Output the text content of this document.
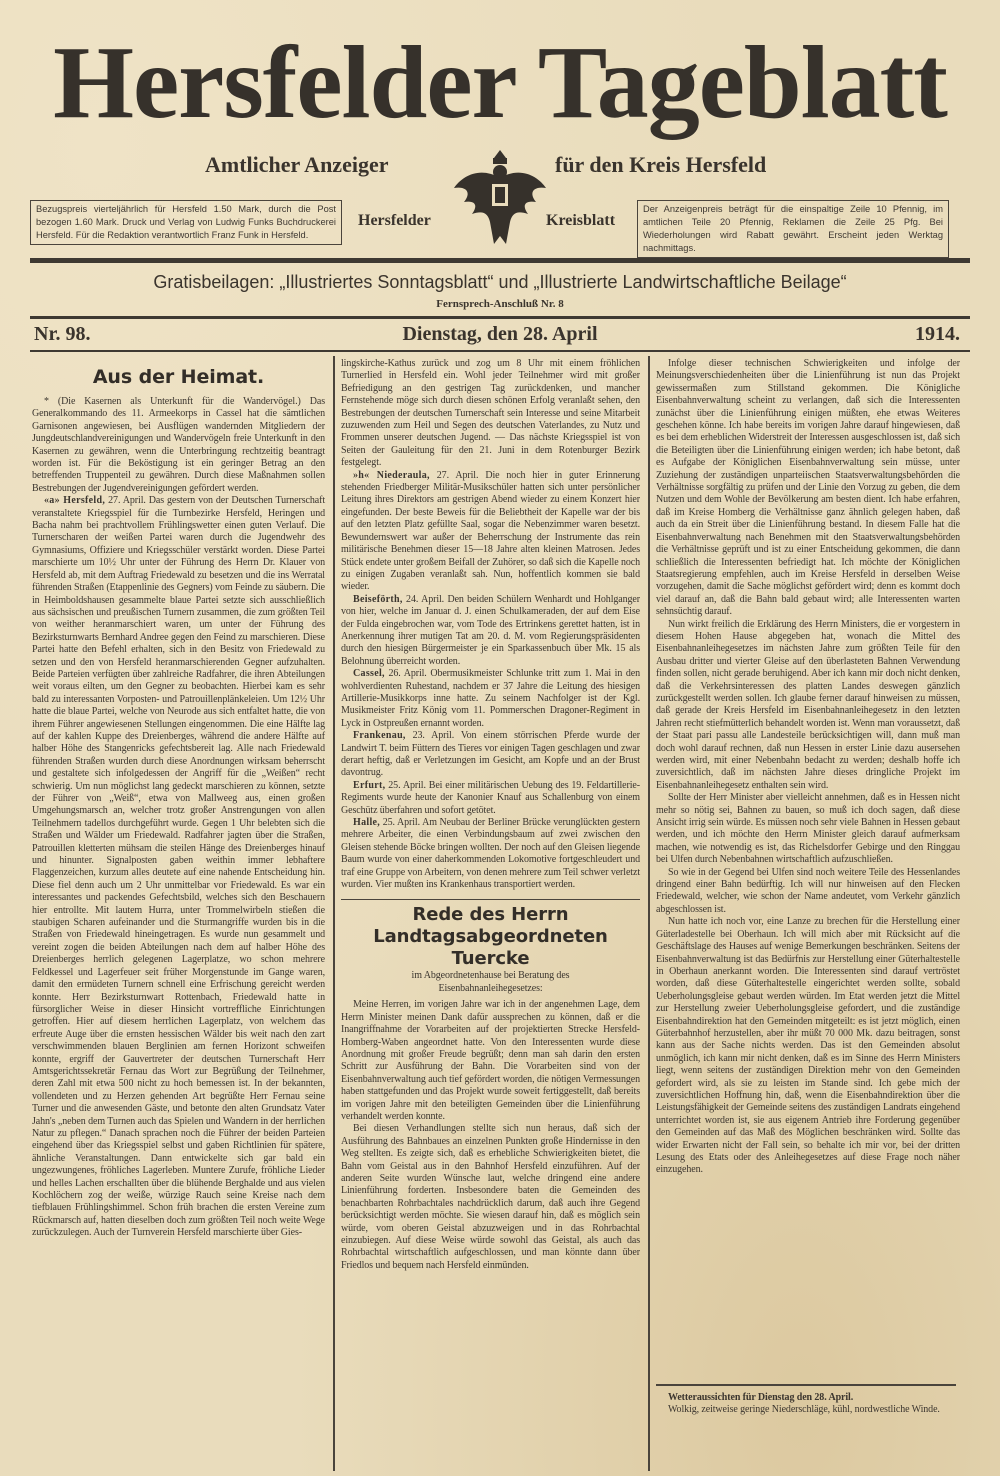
Hersfelder Tageblatt
Amtlicher Anzeiger	für den Kreis Hersfeld
Bezugspreis vierteljährlich für Hersfeld 1.50 Mark, durch die Post bezogen 1.60 Mark. Druck und Verlag von Ludwig Funks Buchdruckerei Hersfeld. Für die Redaktion verantwortlich Franz Funk in Hersfeld.
Hersfelder	Kreisblatt
Der Anzeigenpreis beträgt für die einspaltige Zeile 10 Pfennig, im amtlichen Teile 20 Pfennig, Reklamen die Zeile 25 Pfg. Bei Wiederholungen wird Rabatt gewährt. Erscheint jeden Werktag nachmittags.
Gratisbeilagen: „Illustriertes Sonntagsblatt“ und „Illustrierte Landwirtschaftliche Beilage“
Fernsprech-Anschluß Nr. 8
Nr. 98.	Dienstag, den 28. April	1914.
Aus der Heimat.

* (Die Kasernen als Unterkunft für die Wandervögel.) Das Generalkommando des 11. Armeekorps in Cassel hat die sämtlichen Garnisonen angewiesen, bei Ausflügen wandernden Mitgliedern der Jungdeutschlandvereinigungen und Wandervögeln freie Unterkunft in den Kasernen zu gewähren, wenn die Unterbringung rechtzeitig beantragt worden ist. Für die Beköstigung ist ein geringer Betrag an den betreffenden Truppenteil zu gewähren. Durch diese Maßnahmen sollen Bestrebungen der Jugendvereinigungen gefördert werden.

«a» Hersfeld, 27. April. Das gestern von der Deutschen Turnerschaft veranstaltete Kriegsspiel für die Turnbezirke Hersfeld, Heringen und Bacha nahm bei prachtvollem Frühlingswetter einen guten Verlauf. Die Turnerscharen der weißen Partei waren durch die Jugendwehr des Gymnasiums, Offiziere und Kriegsschüler verstärkt worden. Diese Partei marschierte um 10½ Uhr unter der Führung des Herrn Dr. Klauer von Hersfeld ab, mit dem Auftrag Friedewald zu besetzen und die ins Werratal führenden Straßen (Etappenlinie des Gegners) vom Feinde zu säubern. Die in Heimboldshausen gesammelte blaue Partei setzte sich ausschließlich aus sächsischen und preußischen Turnern zusammen, die zum größten Teil von weither heranmarschiert waren, um unter der Führung des Bezirksturnwarts Bernhard Andree gegen den Feind zu marschieren. Diese Partei hatte den Befehl erhalten, sich in den Besitz von Friedewald zu setzen und den von Hersfeld heranmarschierenden Gegner aufzuhalten. Beide Parteien verfügten über zahlreiche Radfahrer, die ihren Abteilungen weit voraus eilten, um den Gegner zu beobachten. Hierbei kam es sehr bald zu interessanten Vorposten- und Patrouillenplänkeleien. Um 12½ Uhr hatte die blaue Partei, welche von Neurode aus sich entfaltet hatte, die von ihrem Führer angewiesenen Stellungen eingenommen. Die eine Hälfte lag auf der kahlen Kuppe des Dreienberges, während die andere Hälfte auf halber Höhe des Stangenricks gefechtsbereit lag. Alle nach Friedewald führenden Straßen wurden durch diese Anordnungen wirksam beherrscht und gestaltete sich infolgedessen der Angriff für die „Weißen“ recht schwierig. Um nun möglichst lang gedeckt marschieren zu können, setzte der Führer von „Weiß“, etwa von Mallweeg aus, einen großen Umgehungsmarsch an, welcher trotz großer Anstrengungen von allen Teilnehmern tadellos durchgeführt wurde. Gegen 1 Uhr belebten sich die Straßen und Wälder um Friedewald. Radfahrer jagten über die Straßen, Patrouillen kletterten mühsam die steilen Hänge des Dreienberges hinauf und hinunter. Signalposten gaben weithin immer lebhaftere Flaggenzeichen, kurzum alles deutete auf eine nahende Entscheidung hin. Diese fiel denn auch um 2 Uhr unmittelbar vor Friedewald. Es war ein interessantes und packendes Gefechtsbild, welches sich den Beschauern hier entrollte. Mit lautem Hurra, unter Trommelwirbeln stießen die staubigen Scharen aufeinander und die Sturmangriffe wurden bis in die Straßen von Friedewald hineingetragen. Es wurde nun gesammelt und vereint zogen die beiden Abteilungen nach dem auf halber Höhe des Dreienberges herrlich gelegenen Lagerplatze, wo schon mehrere Feldkessel und Lagerfeuer seit früher Morgenstunde im Gange waren, damit den ermüdeten Turnern schnell eine Erfrischung gereicht werden konnte. Herr Bezirksturnwart Rottenbach, Friedewald hatte in fürsorglicher Weise in dieser Hinsicht vortreffliche Einrichtungen getroffen. Hier auf diesem herrlichen Lagerplatz, von welchem das erfreute Auge über die ernsten hessischen Wälder bis weit nach den zart verschwimmenden blauen Berglinien am fernen Horizont schweifen konnte, ergriff der Gauvertreter der deutschen Turnerschaft Herr Amtsgerichtssekretär Fernau das Wort zur Begrüßung der Teilnehmer, deren Zahl mit etwa 500 nicht zu hoch bemessen ist. In der bekannten, vollendeten und zu Herzen gehenden Art begrüßte Herr Fernau seine Turner und die anwesenden Gäste, und betonte den alten Grundsatz Vater Jahn's „neben dem Turnen auch das Spielen und Wandern in der herrlichen Natur zu pflegen.“ Danach sprachen noch die Führer der beiden Parteien eingehend über das Kriegsspiel selbst und gaben Richtlinien für spätere, ähnliche Veranstaltungen. Dann entwickelte sich gar bald ein ungezwungenes, fröhliches Lagerleben. Muntere Zurufe, fröhliche Lieder und helles Lachen erschallten über die blühende Berghalde und aus vielen Kochlöchern zog der weiße, würzige Rauch seine Kreise nach dem tiefblauen Frühlingshimmel. Schon früh brachen die ersten Vereine zum Rückmarsch auf, hatten dieselben doch zum größten Teil noch weite Wege zurückzulegen. Auch der Turnverein Hersfeld marschierte über Gies-

lingskirche-Kathus zurück und zog um 8 Uhr mit einem fröhlichen Turnerlied in Hersfeld ein. Wohl jeder Teilnehmer wird mit großer Befriedigung an den gestrigen Tag zurückdenken, und mancher Fernstehende möge sich durch diesen schönen Erfolg veranlaßt sehen, den Bestrebungen der deutschen Turnerschaft sein Interesse und seine Mitarbeit zuzuwenden zum Heil und Segen des deutschen Vaterlandes, zu Nutz und Frommen unserer deutschen Jugend. — Das nächste Kriegsspiel ist von Seiten der Gauleitung für den 21. Juni in dem Rotenburger Bezirk festgelegt.

»h« Niederaula, 27. April. Die noch hier in guter Erinnerung stehenden Friedberger Militär-Musikschüler hatten sich unter persönlicher Leitung ihres Direktors am gestrigen Abend wieder zu einem Konzert hier eingefunden. Der beste Beweis für die Beliebtheit der Kapelle war der bis auf den letzten Platz gefüllte Saal, sogar die Nebenzimmer waren besetzt. Bewundernswert war außer der Beherrschung der Instrumente das rein militärische Benehmen dieser 15—18 Jahre alten kleinen Matrosen. Jedes Stück endete unter großem Beifall der Zuhörer, so daß sich die Kapelle noch zu einigen Zugaben veranlaßt sah. Nun, hoffentlich kommen sie bald wieder.

Beiseförth, 24. April. Den beiden Schülern Wenhardt und Hohlganger von hier, welche im Januar d. J. einen Schulkameraden, der auf dem Eise der Fulda eingebrochen war, vom Tode des Ertrinkens gerettet hatten, ist in Anerkennung ihrer mutigen Tat am 20. d. M. vom Regierungspräsidenten durch den hiesigen Bürgermeister je ein Sparkassenbuch über Mk. 15 als Belohnung überreicht worden.

Cassel, 26. April. Obermusikmeister Schlunke tritt zum 1. Mai in den wohlverdienten Ruhestand, nachdem er 37 Jahre die Leitung des hiesigen Artillerie-Musikkorps inne hatte. Zu seinem Nachfolger ist der Kgl. Musikmeister Fritz König vom 11. Pommerschen Dragoner-Regiment in Lyck in Ostpreußen ernannt worden.

Frankenau, 23. April. Von einem störrischen Pferde wurde der Landwirt T. beim Füttern des Tieres vor einigen Tagen geschlagen und zwar derart heftig, daß er Verletzungen im Gesicht, am Kopfe und an der Brust davontrug.

Erfurt, 25. April. Bei einer militärischen Uebung des 19. Feldartillerie-Regiments wurde heute der Kanonier Knauf aus Schallenburg von einem Geschütz überfahren und sofort getötet.

Halle, 25. April. Am Neubau der Berliner Brücke verunglückten gestern mehrere Arbeiter, die einen Verbindungsbaum auf zwei zwischen den Gleisen stehende Böcke bringen wollten. Der noch auf den Gleisen liegende Baum wurde von einer daherkommenden Lokomotive fortgeschleudert und traf eine Gruppe von Arbeitern, von denen mehrere zum Teil schwer verletzt wurden. Vier mußten ins Krankenhaus transportiert werden.

Rede des Herrn Landtagsabgeordneten Tuercke
im Abgeordnetenhause bei Beratung des Eisenbahnanleihegesetzes:

Meine Herren, im vorigen Jahre war ich in der angenehmen Lage, dem Herrn Minister meinen Dank dafür aussprechen zu können, daß er die Inangriffnahme der Vorarbeiten auf der projektierten Strecke Hersfeld-Homberg-Waben angeordnet hatte. Von den Interessenten wurde diese Anordnung mit großer Freude begrüßt; denn man sah darin den ersten Schritt zur Ausführung der Bahn. Die Vorarbeiten sind von der Eisenbahnverwaltung auch tief gefördert worden, die nötigen Vermessungen haben stattgefunden und das Projekt wurde soweit fertiggestellt, daß bereits im vorigen Jahre mit den beteiligten Gemeinden über die Linienführung verhandelt werden konnte.

Bei diesen Verhandlungen stellte sich nun heraus, daß sich der Ausführung des Bahnbaues an einzelnen Punkten große Hindernisse in den Weg stellten. Es zeigte sich, daß es erhebliche Schwierigkeiten bietet, die Bahn vom Geistal aus in den Bahnhof Hersfeld einzuführen. Auf der anderen Seite wurden Wünsche laut, welche dringend eine andere Linienführung forderten. Insbesondere baten die Gemeinden des benachbarten Rohrbachtales nachdrücklich darum, daß auch ihre Gegend berücksichtigt werden möchte. Sie wiesen darauf hin, daß es möglich sein würde, vom oberen Geistal abzuzweigen und in das Rohrbachtal einzubiegen. Auf diese Weise würde sowohl das Geistal, als auch das Rohrbachtal wirtschaftlich aufgeschlossen, und man könnte dann über Friedlos und bequem nach Hersfeld einmünden.

Infolge dieser technischen Schwierigkeiten und infolge der Meinungsverschiedenheiten über die Linienführung ist nun das Projekt gewissermaßen zum Stillstand gekommen. Die Königliche Eisenbahnverwaltung scheint zu verlangen, daß sich die Interessenten zunächst über die Linienführung einigen müßten, ehe etwas Weiteres geschehen könne. Ich habe bereits im vorigen Jahre darauf hingewiesen, daß es bei dem erheblichen Widerstreit der Interessen ausgeschlossen ist, daß sich die Beteiligten über die Linienführung einigen werden; ich habe betont, daß es Aufgabe der Königlichen Eisenbahnverwaltung sein müsse, unter Zuziehung der zuständigen unparteiischen Staatsverwaltungsbehörden die Verhältnisse sorgfältig zu prüfen und der Linie den Vorzug zu geben, die dem Nutzen und dem Wohle der Bevölkerung am besten dient. Ich habe erfahren, daß im Kreise Homberg die Verhältnisse ganz ähnlich gelegen haben, daß auch da ein Streit über die Linienführung bestand. In diesem Falle hat die Eisenbahnverwaltung nach Benehmen mit den Staatsverwaltungsbehörden die Verhältnisse geprüft und ist zu einer Entscheidung gekommen, die dann schließlich die Interessenten befriedigt hat. Ich möchte der Königlichen Staatsregierung empfehlen, auch im Kreise Hersfeld in derselben Weise vorzugehen, damit die Sache möglichst gefördert wird; denn es kommt doch viel darauf an, daß die Bahn bald gebaut wird; alle Interessenten warten sehnsüchtig darauf.

Nun wirkt freilich die Erklärung des Herrn Ministers, die er vorgestern in diesem Hohen Hause abgegeben hat, wonach die Mittel des Eisenbahnanleihegesetzes im nächsten Jahre zum größten Teile für den Ausbau dritter und vierter Gleise auf den überlasteten Bahnen Verwendung finden sollen, nicht gerade beruhigend. Aber ich kann mir doch nicht denken, daß die Verkehrsinteressen des platten Landes deswegen gänzlich zurückgestellt werden sollen. Ich glaube ferner darauf hinweisen zu müssen, daß gerade der Kreis Hersfeld im Eisenbahnanleihegesetz in den letzten Jahren recht stiefmütterlich behandelt worden ist. Wenn man voraussetzt, daß der Staat pari passu alle Landesteile berücksichtigen will, dann muß man doch wohl darauf rechnen, daß nun Hessen in erster Linie dazu ausersehen werden wird, mit einer Nebenbahn bedacht zu werden; deshalb hoffe ich zuversichtlich, daß im nächsten Jahre dieses dringliche Projekt im Eisenbahnanleihegesetz enthalten sein wird.

Sollte der Herr Minister aber vielleicht annehmen, daß es in Hessen nicht mehr so nötig sei, Bahnen zu bauen, so muß ich doch sagen, daß diese Ansicht irrig sein würde. Es müssen noch sehr viele Bahnen in Hessen gebaut werden, und ich möchte den Herrn Minister gleich darauf aufmerksam machen, wie notwendig es ist, das Richelsdorfer Gebirge und den Ringgau bei Ulfen durch Nebenbahnen wirtschaftlich aufzuschließen.

So wie in der Gegend bei Ulfen sind noch weitere Teile des Hessenlandes dringend einer Bahn bedürftig. Ich will nur hinweisen auf den Flecken Friedewald, welcher, wie schon der Name andeutet, vom Verkehr gänzlich abgeschlossen ist.

Nun hatte ich noch vor, eine Lanze zu brechen für die Herstellung einer Güterladestelle bei Oberhaun. Ich will mich aber mit Rücksicht auf die Geschäftslage des Hauses auf wenige Bemerkungen beschränken. Seitens der Eisenbahnverwaltung ist das Bedürfnis zur Herstellung einer Güterhaltestelle in Oberhaun anerkannt worden. Die Interessenten sind darauf vertröstet worden, daß diese Güterhaltestelle eingerichtet werden sollte, sobald Ueberholungsgleise gebaut werden würden. Im Etat werden jetzt die Mittel zur Herstellung zweier Ueberholungsgleise gefordert, und die zuständige Eisenbahndirektion hat den Gemeinden mitgeteilt: es ist jetzt möglich, einen Güterbahnhof herzustellen, aber ihr müßt 70 000 Mk. dazu beitragen, sonst kann aus der Sache nichts werden. Das ist den Gemeinden absolut unmöglich, ich kann mir nicht denken, daß es im Sinne des Herrn Ministers liegt, wenn seitens der zuständigen Direktion mehr von den Gemeinden gefordert wird, als sie zu leisten im Stande sind. Ich gebe mich der zuversichtlichen Hoffnung hin, daß, wenn die Eisenbahndirektion über die Leistungsfähigkeit der Gemeinde seitens des zuständigen Landrats eingehend unterrichtet worden ist, sie aus eigenem Antrieb ihre Forderung gegenüber den Gemeinden auf das Maß des Möglichen beschränken wird. Sollte das wider Erwarten nicht der Fall sein, so behalte ich mir vor, bei der dritten Lesung des Etats oder des Anleihegesetzes auf diese Frage noch näher einzugehen.

Wetteraussichten für Dienstag den 28. April.

Wolkig, zeitweise geringe Niederschläge, kühl, nordwestliche Winde.
